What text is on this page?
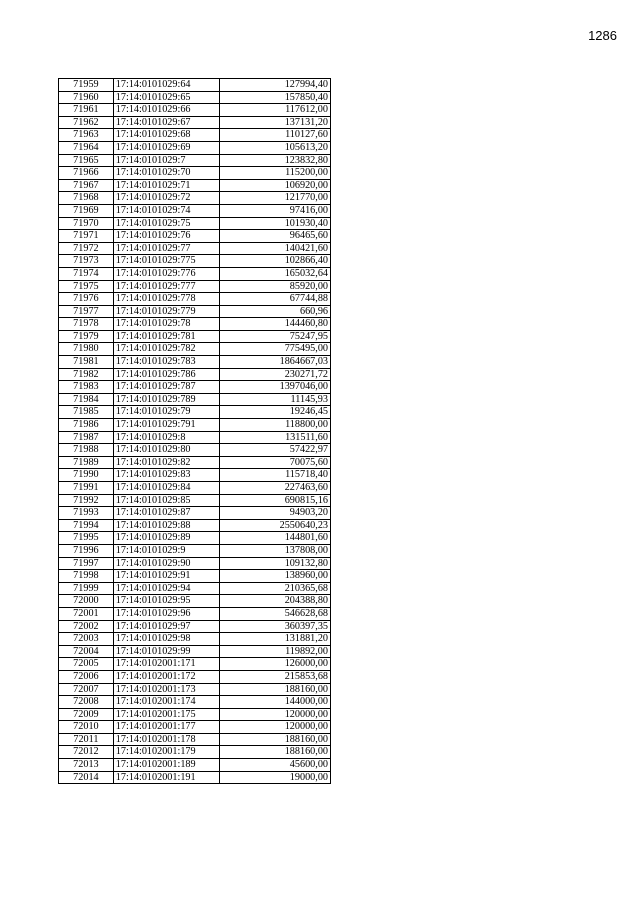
1286
71959	17:14:0101029:64	127994,40
71960	17:14:0101029:65	157850,40
71961	17:14:0101029:66	117612,00
71962	17:14:0101029:67	137131,20
71963	17:14:0101029:68	110127,60
71964	17:14:0101029:69	105613,20
71965	17:14:0101029:7	123832,80
71966	17:14:0101029:70	115200,00
71967	17:14:0101029:71	106920,00
71968	17:14:0101029:72	121770,00
71969	17:14:0101029:74	97416,00
71970	17:14:0101029:75	101930,40
71971	17:14:0101029:76	96465,60
71972	17:14:0101029:77	140421,60
71973	17:14:0101029:775	102866,40
71974	17:14:0101029:776	165032,64
71975	17:14:0101029:777	85920,00
71976	17:14:0101029:778	67744,88
71977	17:14:0101029:779	660,96
71978	17:14:0101029:78	144460,80
71979	17:14:0101029:781	75247,95
71980	17:14:0101029:782	775495,00
71981	17:14:0101029:783	1864667,03
71982	17:14:0101029:786	230271,72
71983	17:14:0101029:787	1397046,00
71984	17:14:0101029:789	11145,93
71985	17:14:0101029:79	19246,45
71986	17:14:0101029:791	118800,00
71987	17:14:0101029:8	131511,60
71988	17:14:0101029:80	57422,97
71989	17:14:0101029:82	70075,60
71990	17:14:0101029:83	115718,40
71991	17:14:0101029:84	227463,60
71992	17:14:0101029:85	690815,16
71993	17:14:0101029:87	94903,20
71994	17:14:0101029:88	2550640,23
71995	17:14:0101029:89	144801,60
71996	17:14:0101029:9	137808,00
71997	17:14:0101029:90	109132,80
71998	17:14:0101029:91	138960,00
71999	17:14:0101029:94	210365,68
72000	17:14:0101029:95	204388,80
72001	17:14:0101029:96	546628,68
72002	17:14:0101029:97	360397,35
72003	17:14:0101029:98	131881,20
72004	17:14:0101029:99	119892,00
72005	17:14:0102001:171	126000,00
72006	17:14:0102001:172	215853,68
72007	17:14:0102001:173	188160,00
72008	17:14:0102001:174	144000,00
72009	17:14:0102001:175	120000,00
72010	17:14:0102001:177	120000,00
72011	17:14:0102001:178	188160,00
72012	17:14:0102001:179	188160,00
72013	17:14:0102001:189	45600,00
72014	17:14:0102001:191	19000,00
